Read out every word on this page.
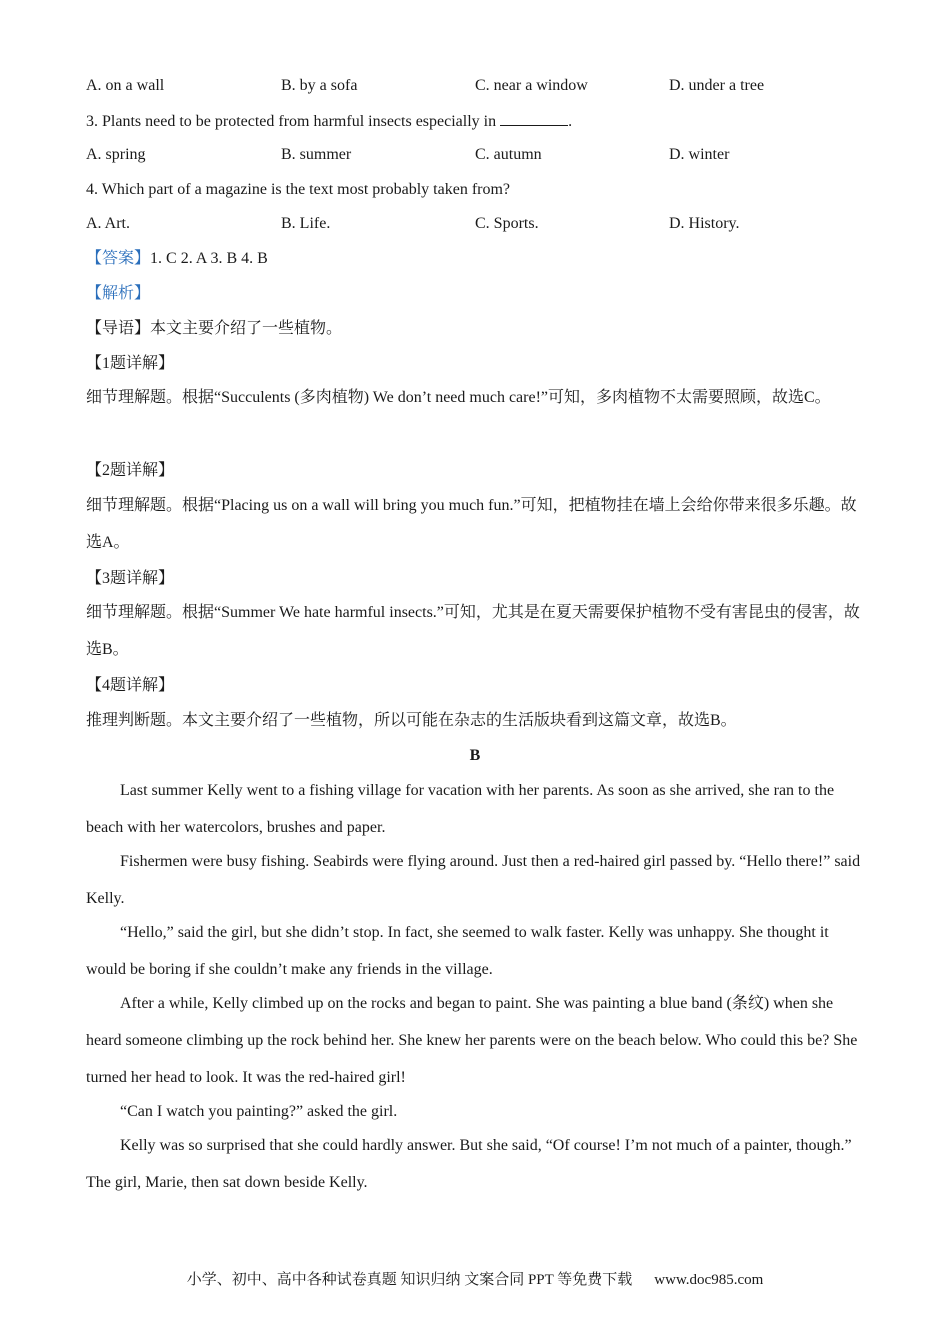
A. on a wall	B. by a sofa	C. near a window	D. under a tree
3. Plants need to be protected from harmful insects especially in	.
A. spring	B. summer	C. autumn	D. winter
4. Which part of a magazine is the text most probably taken from?
A. Art.	B. Life.	C. Sports.	D. History.
【答案】1. C 2. A 3. B 4. B
【解析】
【导语】本文主要介绍了一些植物。
【1题详解】

细节理解题。根据“Succulents (多肉植物) We don’t need much care!”可知，多肉植物不太需要照顾，故选C。

【2题详解】

细节理解题。根据“Placing us on a wall will bring you much fun.”可知，把植物挂在墙上会给你带来很多乐趣。故选A。

【3题详解】

细节理解题。根据“Summer We hate harmful insects.”可知，尤其是在夏天需要保护植物不受有害昆虫的侵害，故选B。

【4题详解】
推理判断题。本文主要介绍了一些植物，所以可能在杂志的生活版块看到这篇文章，故选B。
B

Last summer Kelly went to a fishing village for vacation with her parents. As soon as she arrived, she ran to the beach with her watercolors, brushes and paper.

Fishermen were busy fishing. Seabirds were flying around. Just then a red-haired girl passed by. “Hello there!” said Kelly.

“Hello,” said the girl, but she didn’t stop. In fact, she seemed to walk faster. Kelly was unhappy. She thought it would be boring if she couldn’t make any friends in the village.

After a while, Kelly climbed up on the rocks and began to paint. She was painting a blue band (条纹) when she heard someone climbing up the rock behind her. She knew her parents were on the beach below. Who could this be? She turned her head to look. It was the red-haired girl!

“Can I watch you painting?” asked the girl.

Kelly was so surprised that she could hardly answer. But she said, “Of course! I’m not much of a painter, though.” The girl, Marie, then sat down beside Kelly.

小学、初中、高中各种试卷真题 知识归纳 文案合同 PPT 等免费下载 www.doc985.com
